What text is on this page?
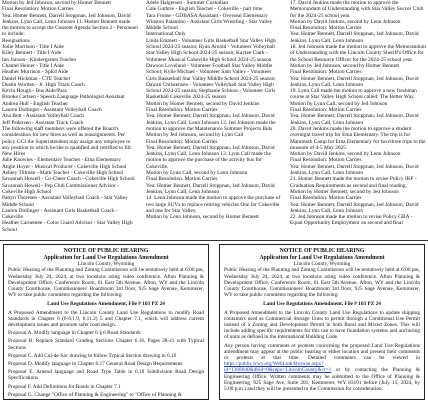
Motion by Jed Johnson, second by Homer Bennett

Final Resolution: Motion Carries

Yea: Homer Bennett, Darrell Stoppnan, Jed Johnson, David Jenkins, Lynn Call, Lenn Johnson 11. Homer Bennett made the motion to accept the Consent Agenda Section 2 - Personnel to include:

Resignations

Jodie Morrison - Title I Aide

Kiley Bennett - Title I Aide

Ian Jonson - Kindergarten Teacher

Chantel Heiner - Title I Aide

Heather Morrison - SpEd Aide

Daniel Hickman - CTE Teacher

Dustin Worden - Jr. High Track Coach

Kevin Hough - Bus Aide/Para

Brooke Carlsen - Speech Language Pathologist Assistant

Andrea Hull - English Teacher

Lauren Dollinger - Assistant Volleyball Coach

Ana Bott - Assistant Volleyball Coach

Jeff Pedersen - Assistant Track Coach

The following staff members were offered the Board's consideration for new hires as well as reassignments. Per policy GCI the Superintendent may assign any employee to any position in which he/she is qualified and certified to fill.

New Hires

Julie Knowles - Elementary Teacher - Etna Elementary

Angie Hoyer - Musical Producer - Cokeville High School

Ashley Tillman - Math Teacher - Cokeville High School

Savannah Howell - Co-Cheer Coach - Cokeville High School

Savannah Howell - Pep Club Commissioner Advisor - Cokeville High School

Pattyn Thoresen - Assistant Volleyball Coach - Star Valley Middle School

Lauren Dollinger - Assistant Girls Basketball Coach - Cokeville

Heather Carnemee - Color Guard Advisor - Star Valley High School

Adele Halgersen - Summer Custodian

Cole Guthrie - English Teacher - Cokeville - part time

Tara Frome - GDBASA Assistant - Overseal Elementary

Winston Palamino - Assistant Girls Wrestling - Star Valley Middle School

International Only

Linda Emmett - Volunteer Girls Basketball Star Valley High School 2024-25 season; Ryan Arnold - Volunteer Volleyball Star Valley High School 2024-25 season; Kaylee Clark - Volunteer Musical Cokeville High School 2024-25 season

Dawson Lovelund - Volunteer Football Star Valley Middle School; Kylie Michael - Volunteer Sam Valley - Volunteer Girls Basketball Star Valley Middle School 2024-25 season; Dawan Christensen - Volunteer Volleyball Star Valley High School 2024-25 season; Stephanie Schloss - Volunteer Girls Basketball Cokeville 2024-25 season

Motion by Homer Bennett, second by David Jenkins

Final Resolution: Motion Carries

Yea: Homer Bennett, Darrell Stoppnan, Jed Johnson, David Jenkins, Lynn Call, Lenn Johnson 12. Jed Johnson made the motion to approve the Maintenance Summer Projects Bids

Motion by Jed Johnson, second by Lynn Call

Final Resolution: Motion Carries

Yea: Homer Bennett, Darrell Stoppnan, Jed Johnson, David Jenkins, Lynn Call, Lenn Johnson 13. Lynn Call made the motion to approve the purchase of the activity bus for Cokeville.

Motion by Lynn Call, second by Lenn Johnson

Final Resolution: Motion Carries

Yea: Homer Bennett, Darrell Stoppnan, Jed Johnson, David Jenkins, Lynn Call, Lenn Johnson

14. Lenn Johnson made the motion to approve the purchase of two large SUVs to replace retiring vehicles One for Cokeville and one for Star Valley.

Motion by Lenn Johnson, second by Homer Bennett

17. David Jenkins made the motion to approve the Memorandum of Understanding with Star Valley Soccer Club for the 2024-25 school year.

Motion by David Jenkins, second by Lenn Johnson

Final Resolution: Motion Carries

Yea: Homer Bennett, Darrell Stoppnan, Jed Johnson, David Jenkins, Lynn Call, Lenn Johnson

18. Jed Johnson made the motion to approve the Memorandum of Understanding with the Lincoln County Sheriff's Office for the School Resource Officer for the 2024-25 school year.

Motion by Jed Johnson, second by Homer Bennett

Final Resolution: Motion Carries

Yea: Homer Bennett, Darrell Stoppnan, Jed Johnson, David Jenkins, Lynn Call, Lenn Johnson

19. Lynn Call made the motion to approve a new freshman course at Star Valley High School called: The Better Way.

Motion by Lynn Call, second by Jed Johnson

Final Resolution: Motion Carries

Yea: Homer Bennett, Darrell Stoppnan, Jed Johnson, David Jenkins, Lynn Call, Lenn Johnson

20. David Jenkins made the motion to approve a student overnight travel trip for Etna Elementary. The trip is for Mammoth Camp for Etna Elementary for two/three trips to the museum of 4-5 May 2025.

Motion by David Jenkins, second by Lenn Johnson

Final Resolution: Motion Carries

Yea: Homer Bennett, Darrell Stoppnan, Jed Johnson, David Jenkins, Lynn Call, Lenn Johnson

21. Homer Bennett made the motion to revise Policy IKF - Graduation Requirements as second and final reading.

Motion by Homer Bennett, second by Jed Johnson

Final Resolution: Motion Carries

Yea: Homer Bennett, Darrell Stoppnan, Jed Johnson, David Jenkins, Lynn Call, Lenn Johnson

22. Jed Johnson made the motion to revise Policy GBA - Equal Opportunity Employment on second and final

NOTICE OF PUBLIC HEARING
Application for Land Use Regulations Amendment
Lincoln County, Wyoming

Public Hearing of the Planning and Zoning Commission will be tentatively held at 6:00 pm, Wednesday July 24, 2024, at two locations using video conference. Afton Planning & Development Office, Conference Room, 61 East 5th Avenue, Afton, WY and the Lincoln County Courthouse, Commissioners' Boardroom 3rd floor, 925 Sage Avenue, Kemmerer, WY to take public comments regarding the following:

Land Use Regulations Amendment, File # 103 PZ 24

A Proposed Amendment to the Lincoln County Land Use Regulations to modify Road Standards in Chapter 6 (6-6.1.9, 6.11.2) 5 and Chapter 7.1, which will address current development issues and promote safer road design.

Proposal A. Modify language in Chapter 6 § 6 Road Standards

Proposal B. Replace Standard Grading Sections Chapter 6.16, Pages 28-21 with Typical Sections

Proposal C. Add Cul-de-Sac drawing to follow Typical Section drawing in 6.16

Proposal D. Modify language in Chapter 6.17 General Road Design Requirements

Proposal E. Amend language and Road Type Table in 6.18 Subdivision Road Design Specifications

Proposal F. Add Definitions for Roads in Chapter 7.1

Proposal G. Change "Office of Planning & Engineering" to "Office of Planning &

NOTICE OF PUBLIC HEARING
Application for Land Use Regulations Amendment
Lincoln County, Wyoming

Public Hearing of the Planning and Zoning Commission will be tentatively held at 6:00 pm, Wednesday July 24, 2024, at two locations using video conference. Afton Planning & Development Office, Conference Room, 61 East 5th Avenue, Afton, WY and the Lincoln County Courthouse, Commissioners' Boardroom 3rd floor, 925 Sage Avenue, Kemmerer, WY to take public comments regarding the following:

Land Use Regulations Amendment, File # 103 PZ 24

A Proposed Amendment to the Lincoln County Land Use Regulations to update shipping containers used as Commercial Storage Units to permit through a Conditional Use Permit instead of a Zoning and Development Permit in both Rural and Mixed Zones. This will include adding specific requirements for this use to have foundation systems and anchoring of units as defined in the International Building Code.

Any person having comments or protests concerning the proposed Land Use Regulations amendment may appear at the public hearing or either location and present their comments or protests at that time. Detailed comments can be viewed in https://public.lcwy.org/WebLink/Browse.aspx?id=1368040&dbid=0&repo=LincolnCounty&cr=1 or by contacting the Planning & Engineering Office. Written comments may be submitted to the Office of Planning & Engineering, 925 Sage Ave, Suite 201, Kemmerer, WY 83101 before (July 15, 2024, by 5:00 p.m.) and they will be presented to the Commission for consideration.
